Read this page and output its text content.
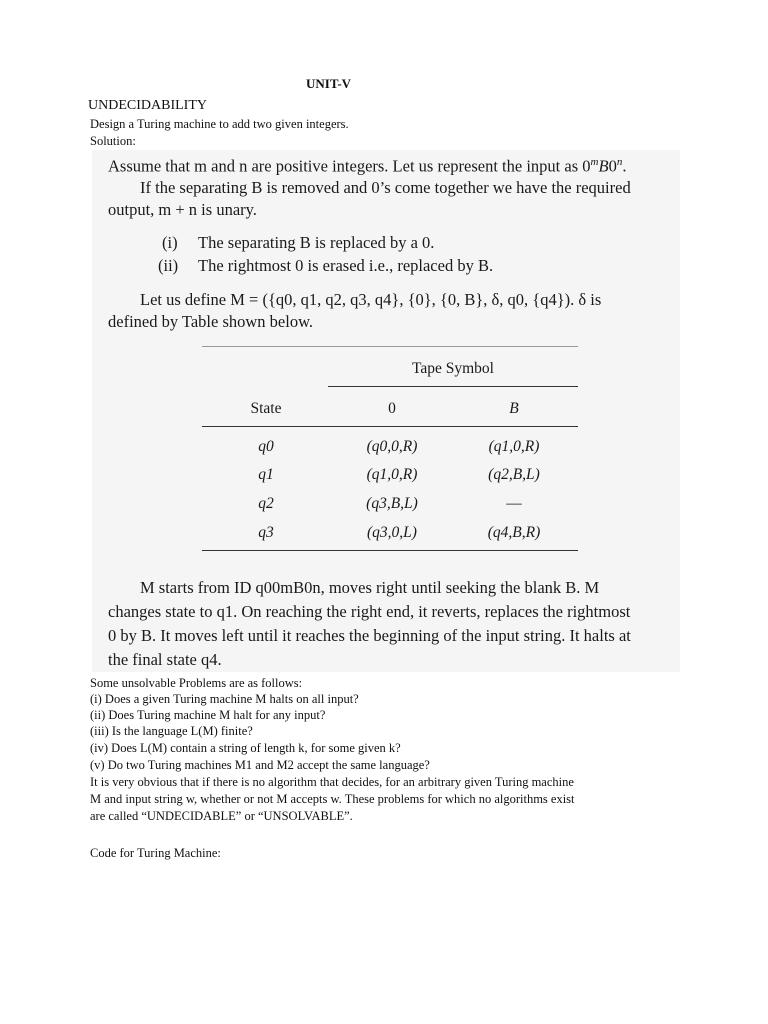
UNIT-V
UNDECIDABILITY
Design a Turing machine to add two given integers.
Solution:
Assume that m and n are positive integers. Let us represent the input as 0$^m$B0$^n$.
If the separating B is removed and 0’s come together we have the required
output, m + n is unary.
(i) The separating B is replaced by a 0.
(ii) The rightmost 0 is erased i.e., replaced by B.
Let us define M = ({q0, q1, q2, q3, q4}, {0}, {0, B}, δ, q0, {q4}). δ is
defined by Table shown below.
Tape Symbol
State	0	B
q0	(q0,0,R)	(q1,0,R)
q1	(q1,0,R)	(q2,B,L)
q2	(q3,B,L)	—
q3	(q3,0,L)	(q4,B,R)
M starts from ID q00mB0n, moves right until seeking the blank B. M
changes state to q1. On reaching the right end, it reverts, replaces the rightmost
0 by B. It moves left until it reaches the beginning of the input string. It halts at
the final state q4.
Some unsolvable Problems are as follows:
(i) Does a given Turing machine M halts on all input?
(ii) Does Turing machine M halt for any input?
(iii) Is the language L(M) finite?
(iv) Does L(M) contain a string of length k, for some given k?
(v) Do two Turing machines M1 and M2 accept the same language?
It is very obvious that if there is no algorithm that decides, for an arbitrary given Turing machine
M and input string w, whether or not M accepts w. These problems for which no algorithms exist
are called “UNDECIDABLE” or “UNSOLVABLE”.
Code for Turing Machine:
